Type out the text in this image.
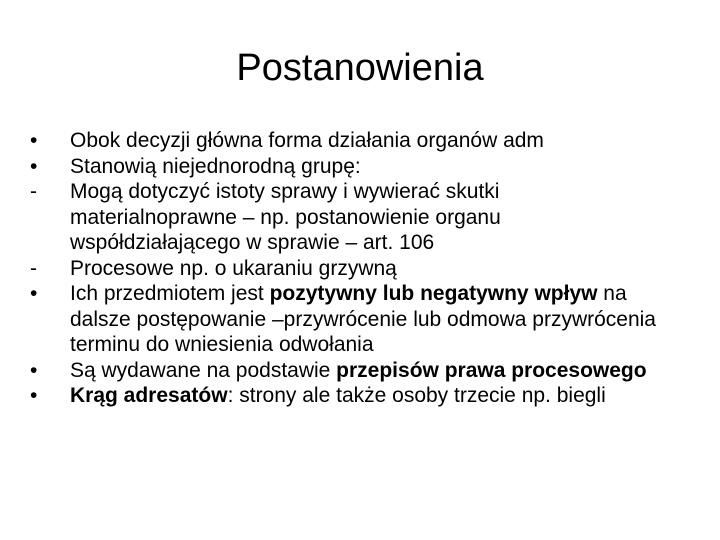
Postanowienia
•	Obok decyzji główna forma działania organów adm
•	Stanowią niejednorodną grupę:
-	Mogą dotyczyć istoty sprawy i wywierać skutki materialnoprawne – np. postanowienie organu współdziałającego w sprawie – art. 106
-	Procesowe np. o ukaraniu grzywną
•	Ich przedmiotem jest pozytywny lub negatywny wpływ na dalsze postępowanie –przywrócenie lub odmowa przywrócenia terminu do wniesienia odwołania
•	Są wydawane na podstawie przepisów prawa procesowego
•	Krąg adresatów: strony ale także osoby trzecie np. biegli
